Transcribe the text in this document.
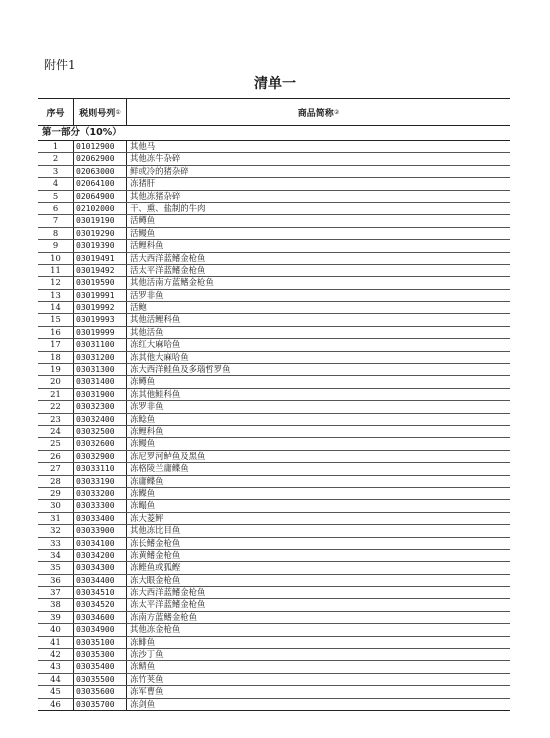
附件1
清单一
序号	税则号列 ①	商品简称 ②
第一部分（10%）
1	01012900	其他马
2	02062900	其他冻牛杂碎
3	02063000	鲜或冷的猪杂碎
4	02064100	冻猪肝
5	02064900	其他冻猪杂碎
6	02102000	干、熏、盐制的牛肉
7	03019190	活鳟鱼
8	03019290	活鳗鱼
9	03019390	活鲤科鱼
10	03019491	活大西洋蓝鳍金枪鱼
11	03019492	活太平洋蓝鳍金枪鱼
12	03019590	其他活南方蓝鳍金枪鱼
13	03019991	活罗非鱼
14	03019992	活鲍
15	03019993	其他活鲤科鱼
16	03019999	其他活鱼
17	03031100	冻红大麻哈鱼
18	03031200	冻其他大麻哈鱼
19	03031300	冻大西洋鲑鱼及多瑙哲罗鱼
20	03031400	冻鳟鱼
21	03031900	冻其他鲑科鱼
22	03032300	冻罗非鱼
23	03032400	冻鲶鱼
24	03032500	冻鲤科鱼
25	03032600	冻鳗鱼
26	03032900	冻尼罗河鲈鱼及黑鱼
27	03033110	冻格陵兰庸鲽鱼
28	03033190	冻庸鲽鱼
29	03033200	冻鲽鱼
30	03033300	冻鳎鱼
31	03033400	冻大菱鲆
32	03033900	其他冻比目鱼
33	03034100	冻长鳍金枪鱼
34	03034200	冻黄鳍金枪鱼
35	03034300	冻鲣鱼或狐鲣
36	03034400	冻大眼金枪鱼
37	03034510	冻大西洋蓝鳍金枪鱼
38	03034520	冻太平洋蓝鳍金枪鱼
39	03034600	冻南方蓝鳍金枪鱼
40	03034900	其他冻金枪鱼
41	03035100	冻鲱鱼
42	03035300	冻沙丁鱼
43	03035400	冻鲭鱼
44	03035500	冻竹荚鱼
45	03035600	冻军曹鱼
46	03035700	冻剑鱼
